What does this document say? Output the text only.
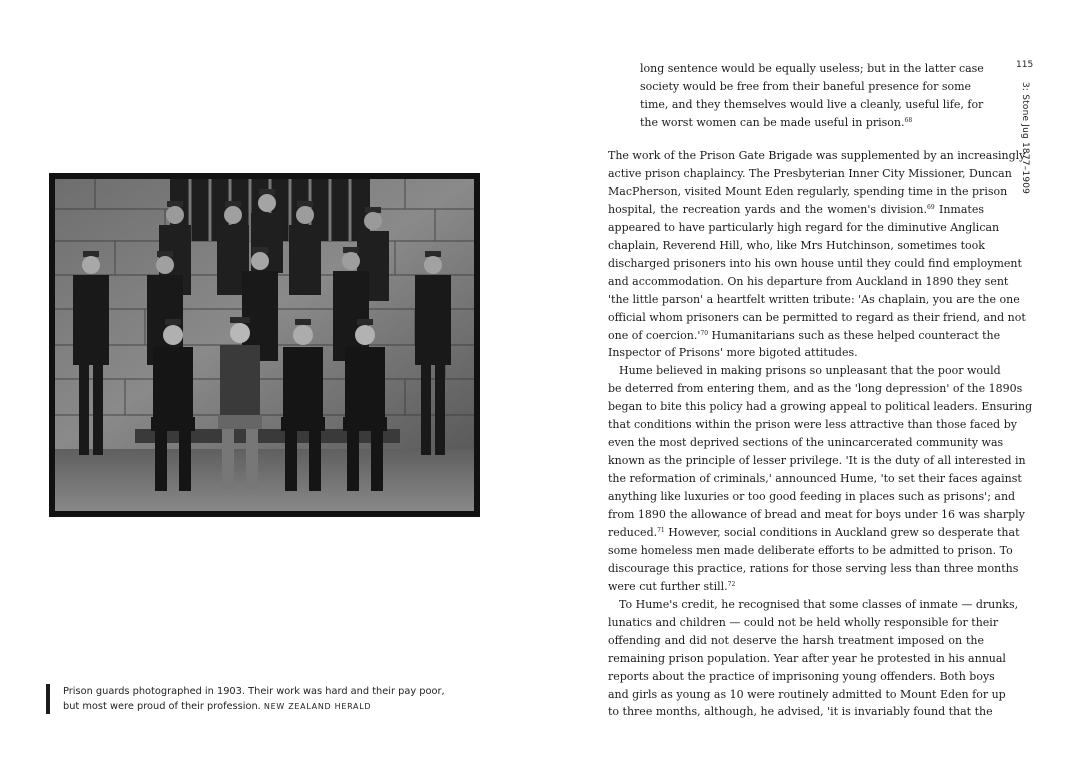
Prison guards photographed in 1903. Their work was hard and their pay poor, but most were proud of their profession. NEW ZEALAND HERALD
115
3: Stone Jug 1877–1909
long sentence would be equally useless; but in the latter case
society would be free from their baneful presence for some
time, and they themselves would live a cleanly, useful life, for
the worst women can be made useful in prison.$^{68}$
The work of the Prison Gate Brigade was supplemented by an increasingly
active prison chaplaincy. The Presbyterian Inner City Missioner, Duncan
MacPherson, visited Mount Eden regularly, spending time in the prison
hospital, the recreation yards and the women's division.$^{69}$ Inmates
appeared to have particularly high regard for the diminutive Anglican
chaplain, Reverend Hill, who, like Mrs Hutchinson, sometimes took
discharged prisoners into his own house until they could find employment
and accommodation. On his departure from Auckland in 1890 they sent
'the little parson' a heartfelt written tribute: 'As chaplain, you are the one
official whom prisoners can be permitted to regard as their friend, and not
one of $coercion.'^{70}$ Humanitarians such as these helped counteract the
Inspector of Prisons' more bigoted attitudes.
Hume believed in making prisons so unpleasant that the poor would
be deterred from entering them, and as the 'long depression' of the 1890s
began to bite this policy had a growing appeal to political leaders. Ensuring
that conditions within the prison were less attractive than those faced by
even the most deprived sections of the unincarcerated community was
known as the principle of lesser privilege. 'It is the duty of all interested in
the reformation of criminals,' announced Hume, 'to set their faces against
anything like luxuries or too good feeding in places such as prisons'; and
from 1890 the allowance of bread and meat for boys under 16 was sharply
reduced.$^{71}$ However, social conditions in Auckland grew so desperate that
some homeless men made deliberate efforts to be admitted to prison. To
discourage this practice, rations for those serving less than three months
were cut further still.$^{72}$
To Hume's credit, he recognised that some classes of inmate — drunks,
lunatics and children — could not be held wholly responsible for their
offending and did not deserve the harsh treatment imposed on the
remaining prison population. Year after year he protested in his annual
reports about the practice of imprisoning young offenders. Both boys
and girls as young as 10 were routinely admitted to Mount Eden for up
to three months, although, he advised, 'it is invariably found that the
